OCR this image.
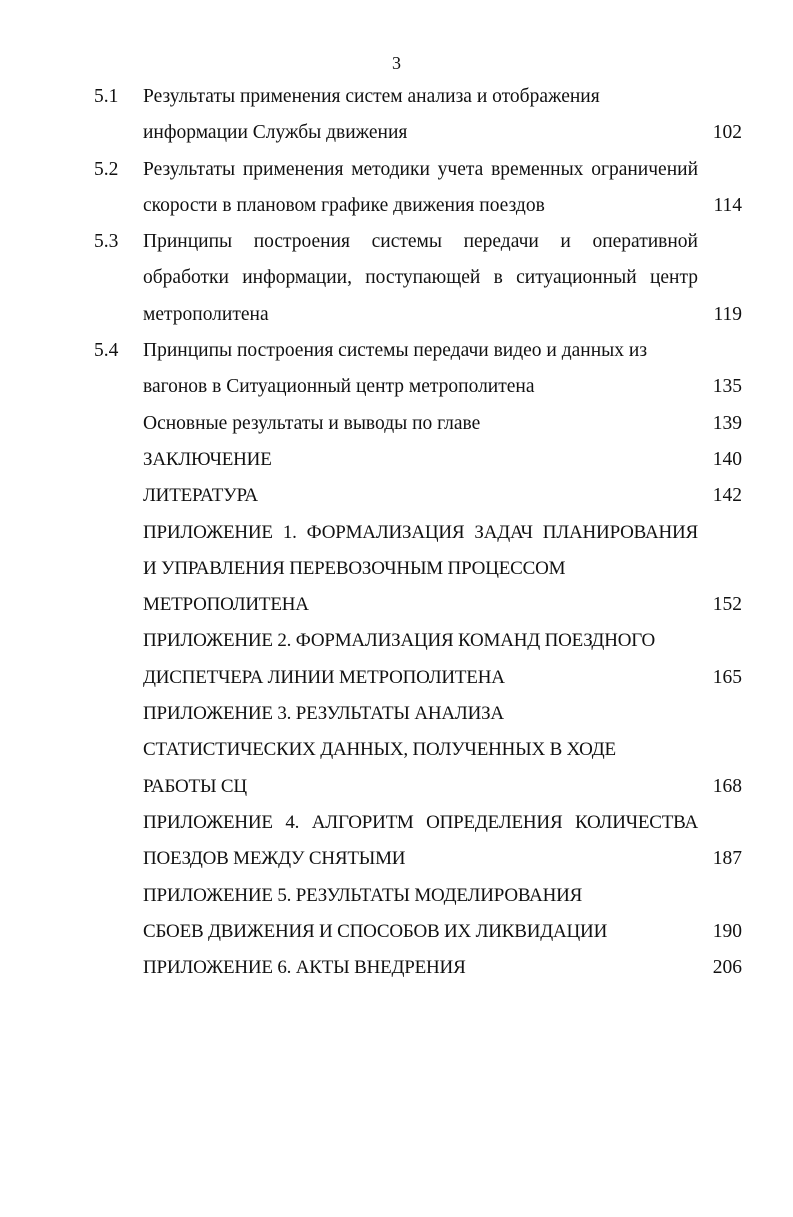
3
5.1 Результаты применения систем анализа и отображения
информации Службы движения	102
5.2 Результаты применения методики учета временных ограничений
скорости в плановом графике движения поездов	114
5.3 Принципы построения системы передачи и оперативной
обработки информации, поступающей в ситуационный центр
метрополитена	119
5.4 Принципы построения системы передачи видео и данных из
вагонов в Ситуационный центр метрополитена	135
Основные результаты и выводы по главе	139
ЗАКЛЮЧЕНИЕ	140
ЛИТЕРАТУРА	142
ПРИЛОЖЕНИЕ 1. ФОРМАЛИЗАЦИЯ ЗАДАЧ ПЛАНИРОВАНИЯ
И УПРАВЛЕНИЯ ПЕРЕВОЗОЧНЫМ ПРОЦЕССОМ
МЕТРОПОЛИТЕНА	152
ПРИЛОЖЕНИЕ 2. ФОРМАЛИЗАЦИЯ КОМАНД ПОЕЗДНОГО
ДИСПЕТЧЕРА ЛИНИИ МЕТРОПОЛИТЕНА	165
ПРИЛОЖЕНИЕ 3. РЕЗУЛЬТАТЫ АНАЛИЗА
СТАТИСТИЧЕСКИХ ДАННЫХ, ПОЛУЧЕННЫХ В ХОДЕ
РАБОТЫ СЦ	168
ПРИЛОЖЕНИЕ 4. АЛГОРИТМ ОПРЕДЕЛЕНИЯ КОЛИЧЕСТВА
ПОЕЗДОВ МЕЖДУ СНЯТЫМИ	187
ПРИЛОЖЕНИЕ 5. РЕЗУЛЬТАТЫ МОДЕЛИРОВАНИЯ
СБОЕВ ДВИЖЕНИЯ И СПОСОБОВ ИХ ЛИКВИДАЦИИ	190
ПРИЛОЖЕНИЕ 6. АКТЫ ВНЕДРЕНИЯ	206
